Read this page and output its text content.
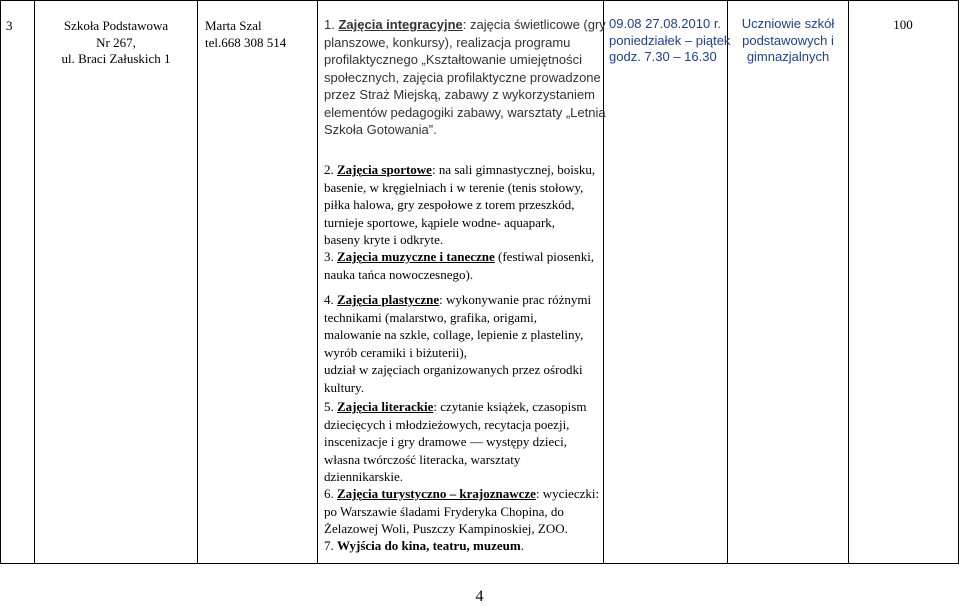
3	Szkoła Podstawowa
Nr 267,
ul. Braci Załuskich 1
Marta Szal
tel.668 308 514
1. Zajęcia integracyjne: zajęcia świetlicowe (gry
planszowe, konkursy), realizacja programu
profilaktycznego „Kształtowanie umiejętności
społecznych, zajęcia profilaktyczne prowadzone
przez Straż Miejską, zabawy z wykorzystaniem
elementów pedagogiki zabawy, warsztaty „Letnia
Szkoła Gotowania”.
2. Zajęcia sportowe: na sali gimnastycznej, boisku,
basenie, w kręgielniach i w terenie (tenis stołowy,
piłka halowa, gry zespołowe z torem przeszkód,
turnieje sportowe, kąpiele wodne- aquapark,
baseny kryte i odkryte.
3. Zajęcia muzyczne i taneczne (festiwal piosenki,
nauka tańca nowoczesnego).
4. Zajęcia plastyczne: wykonywanie prac różnymi
technikami (malarstwo, grafika, origami,
malowanie na szkle, collage, lepienie z plasteliny,
wyrób ceramiki i biżuterii),
udział w zajęciach organizowanych przez ośrodki
kultury.
5. Zajęcia literackie: czytanie książek, czasopism
dziecięcych i młodzieżowych, recytacja poezji,
inscenizacje i gry dramowe — występy dzieci,
własna twórczość literacka, warsztaty
dziennikarskie.
6. Zajęcia turystyczno – krajoznawcze: wycieczki:
po Warszawie śladami Fryderyka Chopina, do
Żelazowej Woli, Puszczy Kampinoskiej, ZOO.
7. Wyjścia do kina, teatru, muzeum.
09.08 27.08.2010 r.
poniedziałek – piątek
godz. 7.30 – 16.30
Uczniowie szkół
podstawowych i
gimnazjalnych
100
4
